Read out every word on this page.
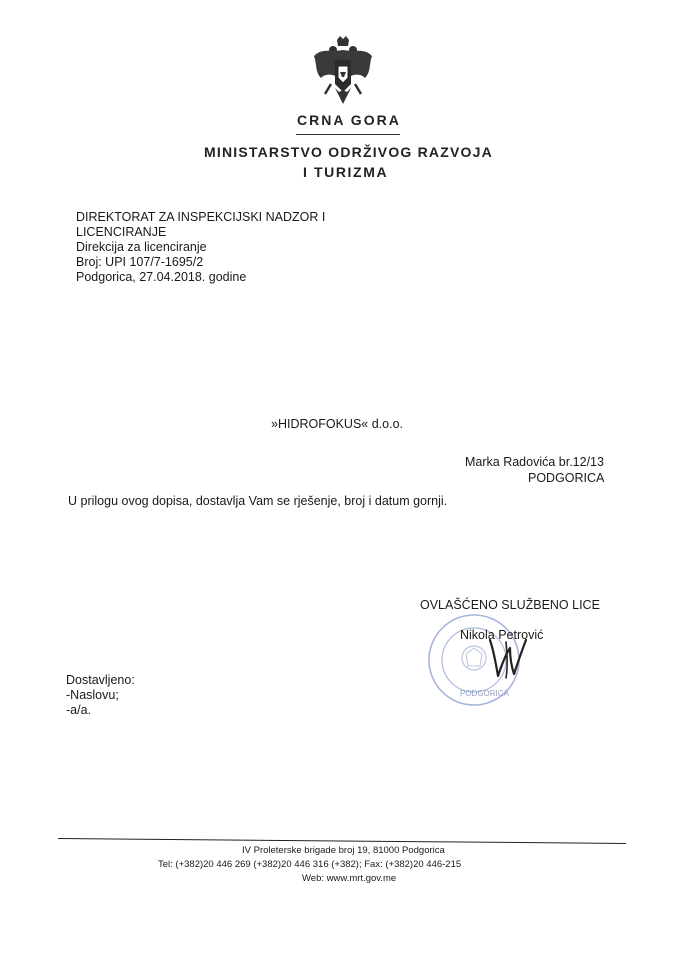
CRNA GORA
MINISTARSTVO ODRŽIVOG RAZVOJA
I TURIZMA
DIREKTORAT ZA INSPEKCIJSKI NADZOR I
LICENCIRANJE
Direkcija za licenciranje
Broj: UPI 107/7-1695/2
Podgorica, 27.04.2018. godine
»HIDROFOKUS« d.o.o.
Marka Radovića br.12/13
PODGORICA
U prilogu ovog dopisa, dostavlja Vam se rješenje, broj i datum gornji.
OVLAŠĆENO SLUŽBENO LICE
PODGORICA
Nikola Petrović
Dostavljeno:
-Naslovu;
-a/a.
IV Proleterske brigade broj 19, 81000 Podgorica
Tel: (+382)20 446 269 (+382)20 446 316 (+382); Fax: (+382)20 446-215
Web: www.mrt.gov.me
